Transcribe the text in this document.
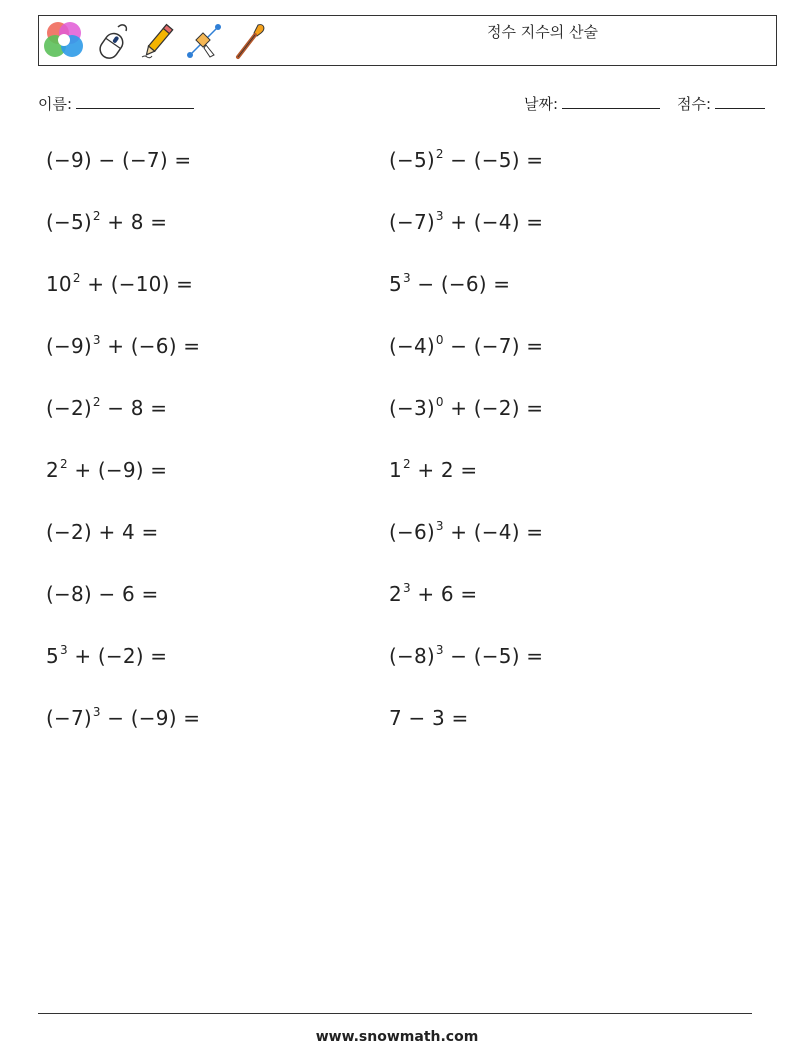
정수 지수의 산술
이름:	날짜:	점수:
(−9) − (−7) =	$(-5)^2 - (-5)$ =
$(-5)^2 + 8$ =	$(-7)^3 + (-4)$ =
$10^2 + (-10)$ =	$5^3 - (-6)$ =
$(-9)^3 + (-6)$ =	$(-4)^0 - (-7)$ =
$(-2)^2 - 8$ =	$(-3)^0 + (-2)$ =
$2^2 + (-9)$ =	$1^2 + 2$ =
(−2) + 4 =	$(-6)^3 + (-4)$ =
(−8) − 6 =	$2^3 + 6$ =
$5^3 + (-2)$ =	$(-8)^3 - (-5)$ =
$(-7)^3 - (-9)$ =	7 − 3 =
www.snowmath.com
